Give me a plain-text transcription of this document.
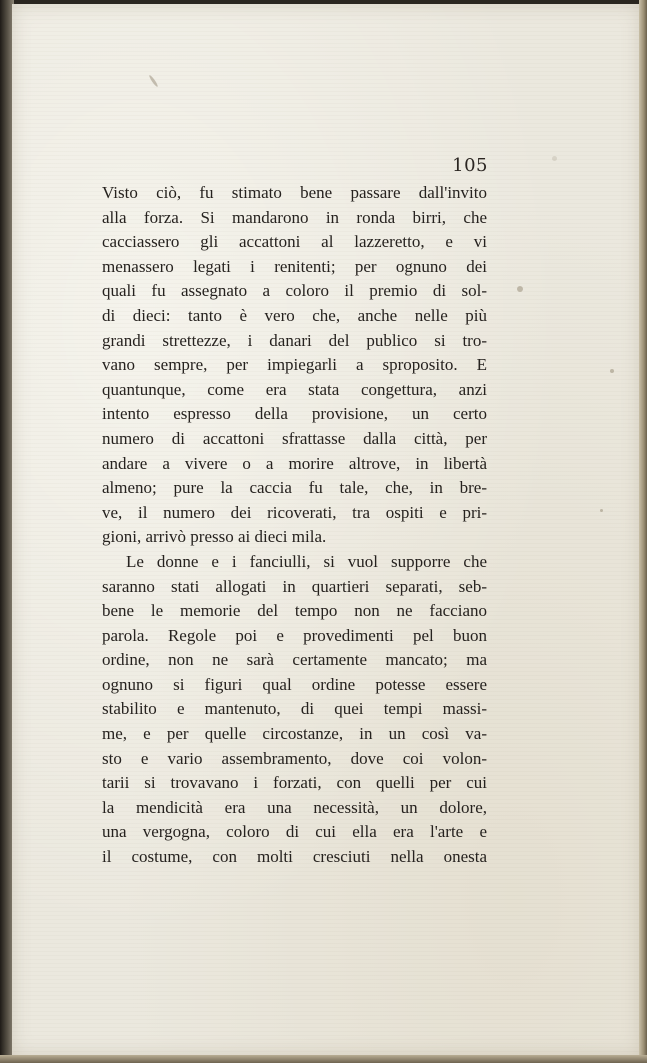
105
Visto ciò, fu stimato bene passare dall'invito
alla forza. Si mandarono in ronda birri, che
cacciassero gli accattoni al lazzeretto, e vi
menassero legati i renitenti; per ognuno dei
quali fu assegnato a coloro il premio di sol-
di dieci: tanto è vero che, anche nelle più
grandi strettezze, i danari del publico si tro-
vano sempre, per impiegarli a sproposito. E
quantunque, come era stata congettura, anzi
intento espresso della provisione, un certo
numero di accattoni sfrattasse dalla città, per
andare a vivere o a morire altrove, in libertà
almeno; pure la caccia fu tale, che, in bre-
ve, il numero dei ricoverati, tra ospiti e pri-
gioni, arrivò presso ai dieci mila.
Le donne e i fanciulli, si vuol supporre che
saranno stati allogati in quartieri separati, seb-
bene le memorie del tempo non ne facciano
parola. Regole poi e provedimenti pel buon
ordine, non ne sarà certamente mancato; ma
ognuno si figuri qual ordine potesse essere
stabilito e mantenuto, di quei tempi massi-
me, e per quelle circostanze, in un così va-
sto e vario assembramento, dove coi volon-
tarii si trovavano i forzati, con quelli per cui
la mendicità era una necessità, un dolore,
una vergogna, coloro di cui ella era l'arte e
il costume, con molti cresciuti nella onesta
